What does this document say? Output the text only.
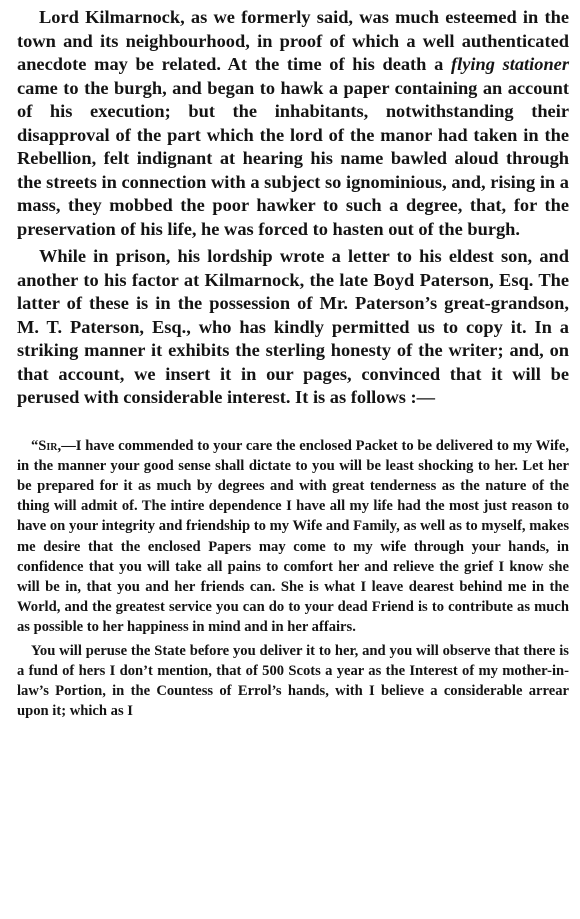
Lord Kilmarnock, as we formerly said, was much esteemed in the town and its neighbourhood, in proof of which a well authenticated anecdote may be related. At the time of his death a flying stationer came to the burgh, and began to hawk a paper containing an account of his execution; but the inhabitants, notwithstanding their disapproval of the part which the lord of the manor had taken in the Rebellion, felt indignant at hearing his name bawled aloud through the streets in connection with a subject so ignominious, and, rising in a mass, they mobbed the poor hawker to such a degree, that, for the preservation of his life, he was forced to hasten out of the burgh.

While in prison, his lordship wrote a letter to his eldest son, and another to his factor at Kilmarnock, the late Boyd Paterson, Esq. The latter of these is in the possession of Mr. Paterson’s great-grandson, M. T. Paterson, Esq., who has kindly permitted us to copy it. In a striking manner it exhibits the sterling honesty of the writer; and, on that account, we insert it in our pages, convinced that it will be perused with considerable interest. It is as follows :—

“Sir,—I have commended to your care the enclosed Packet to be delivered to my Wife, in the manner your good sense shall dictate to you will be least shocking to her. Let her be prepared for it as much by degrees and with great tenderness as the nature of the thing will admit of. The intire dependence I have all my life had the most just reason to have on your integrity and friendship to my Wife and Family, as well as to myself, makes me desire that the enclosed Papers may come to my wife through your hands, in confidence that you will take all pains to comfort her and relieve the grief I know she will be in, that you and her friends can. She is what I leave dearest behind me in the World, and the greatest service you can do to your dead Friend is to contribute as much as possible to her happiness in mind and in her affairs.

You will peruse the State before you deliver it to her, and you will observe that there is a fund of hers I don’t mention, that of 500 Scots a year as the Interest of my mother-in-law’s Portion, in the Countess of Errol’s hands, with I believe a considerable arrear upon it; which as I
